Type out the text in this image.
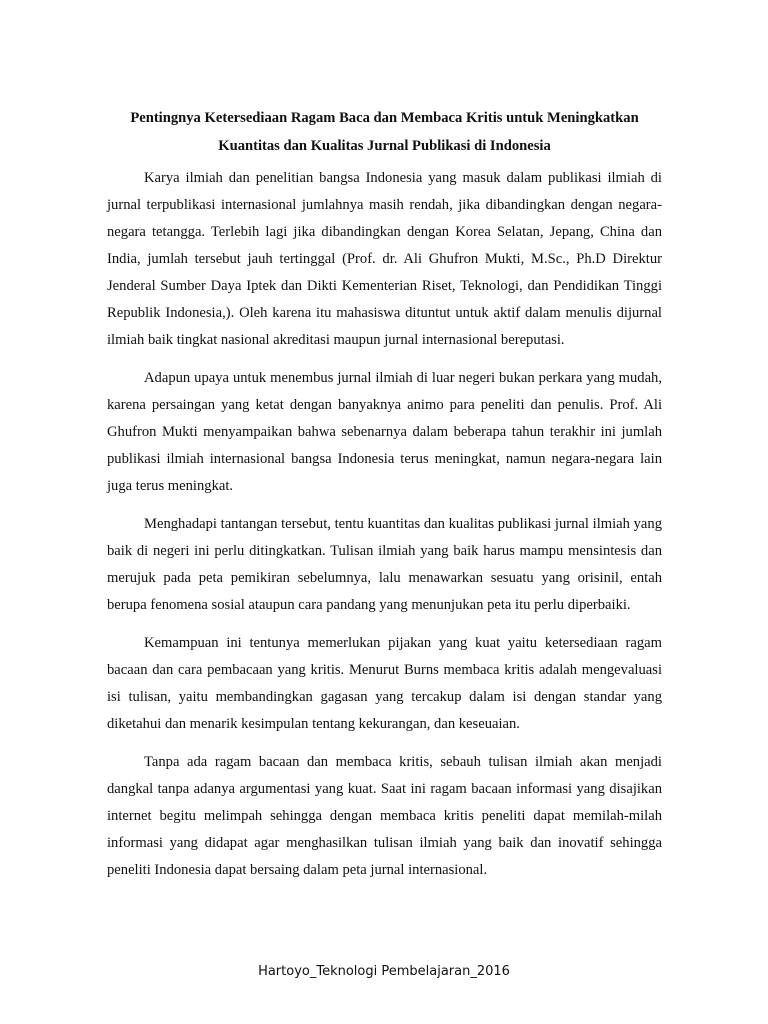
Pentingnya Ketersediaan Ragam Baca dan Membaca Kritis untuk Meningkatkan
Kuantitas dan Kualitas Jurnal Publikasi di Indonesia

Karya ilmiah dan penelitian bangsa Indonesia yang masuk dalam publikasi ilmiah di jurnal terpublikasi internasional jumlahnya masih rendah, jika dibandingkan dengan negara-negara tetangga. Terlebih lagi jika dibandingkan dengan Korea Selatan, Jepang, China dan India, jumlah tersebut jauh tertinggal (Prof. dr. Ali Ghufron Mukti, M.Sc., Ph.D Direktur Jenderal Sumber Daya Iptek dan Dikti Kementerian Riset, Teknologi, dan Pendidikan Tinggi Republik Indonesia,). Oleh karena itu mahasiswa dituntut untuk aktif dalam menulis dijurnal ilmiah baik tingkat nasional akreditasi maupun jurnal internasional bereputasi.

Adapun upaya untuk menembus jurnal ilmiah di luar negeri bukan perkara yang mudah, karena persaingan yang ketat dengan banyaknya animo para peneliti dan penulis. Prof. Ali Ghufron Mukti menyampaikan bahwa sebenarnya dalam beberapa tahun terakhir ini jumlah publikasi ilmiah internasional bangsa Indonesia terus meningkat, namun negara-negara lain juga terus meningkat.

Menghadapi tantangan tersebut, tentu kuantitas dan kualitas publikasi jurnal ilmiah yang baik di negeri ini perlu ditingkatkan. Tulisan ilmiah yang baik harus mampu mensintesis dan merujuk pada peta pemikiran sebelumnya, lalu menawarkan sesuatu yang orisinil, entah berupa fenomena sosial ataupun cara pandang yang menunjukan peta itu perlu diperbaiki.

Kemampuan ini tentunya memerlukan pijakan yang kuat yaitu ketersediaan ragam bacaan dan cara pembacaan yang kritis. Menurut Burns membaca kritis adalah mengevaluasi isi tulisan, yaitu membandingkan gagasan yang tercakup dalam isi dengan standar yang diketahui dan menarik kesimpulan tentang kekurangan, dan keseuaian.

Tanpa ada ragam bacaan dan membaca kritis, sebauh tulisan ilmiah akan menjadi dangkal tanpa adanya argumentasi yang kuat. Saat ini ragam bacaan informasi yang disajikan internet begitu melimpah sehingga dengan membaca kritis peneliti dapat memilah-milah informasi yang didapat agar menghasilkan tulisan ilmiah yang baik dan inovatif sehingga peneliti Indonesia dapat bersaing dalam peta jurnal internasional.

Hartoyo_Teknologi Pembelajaran_2016
